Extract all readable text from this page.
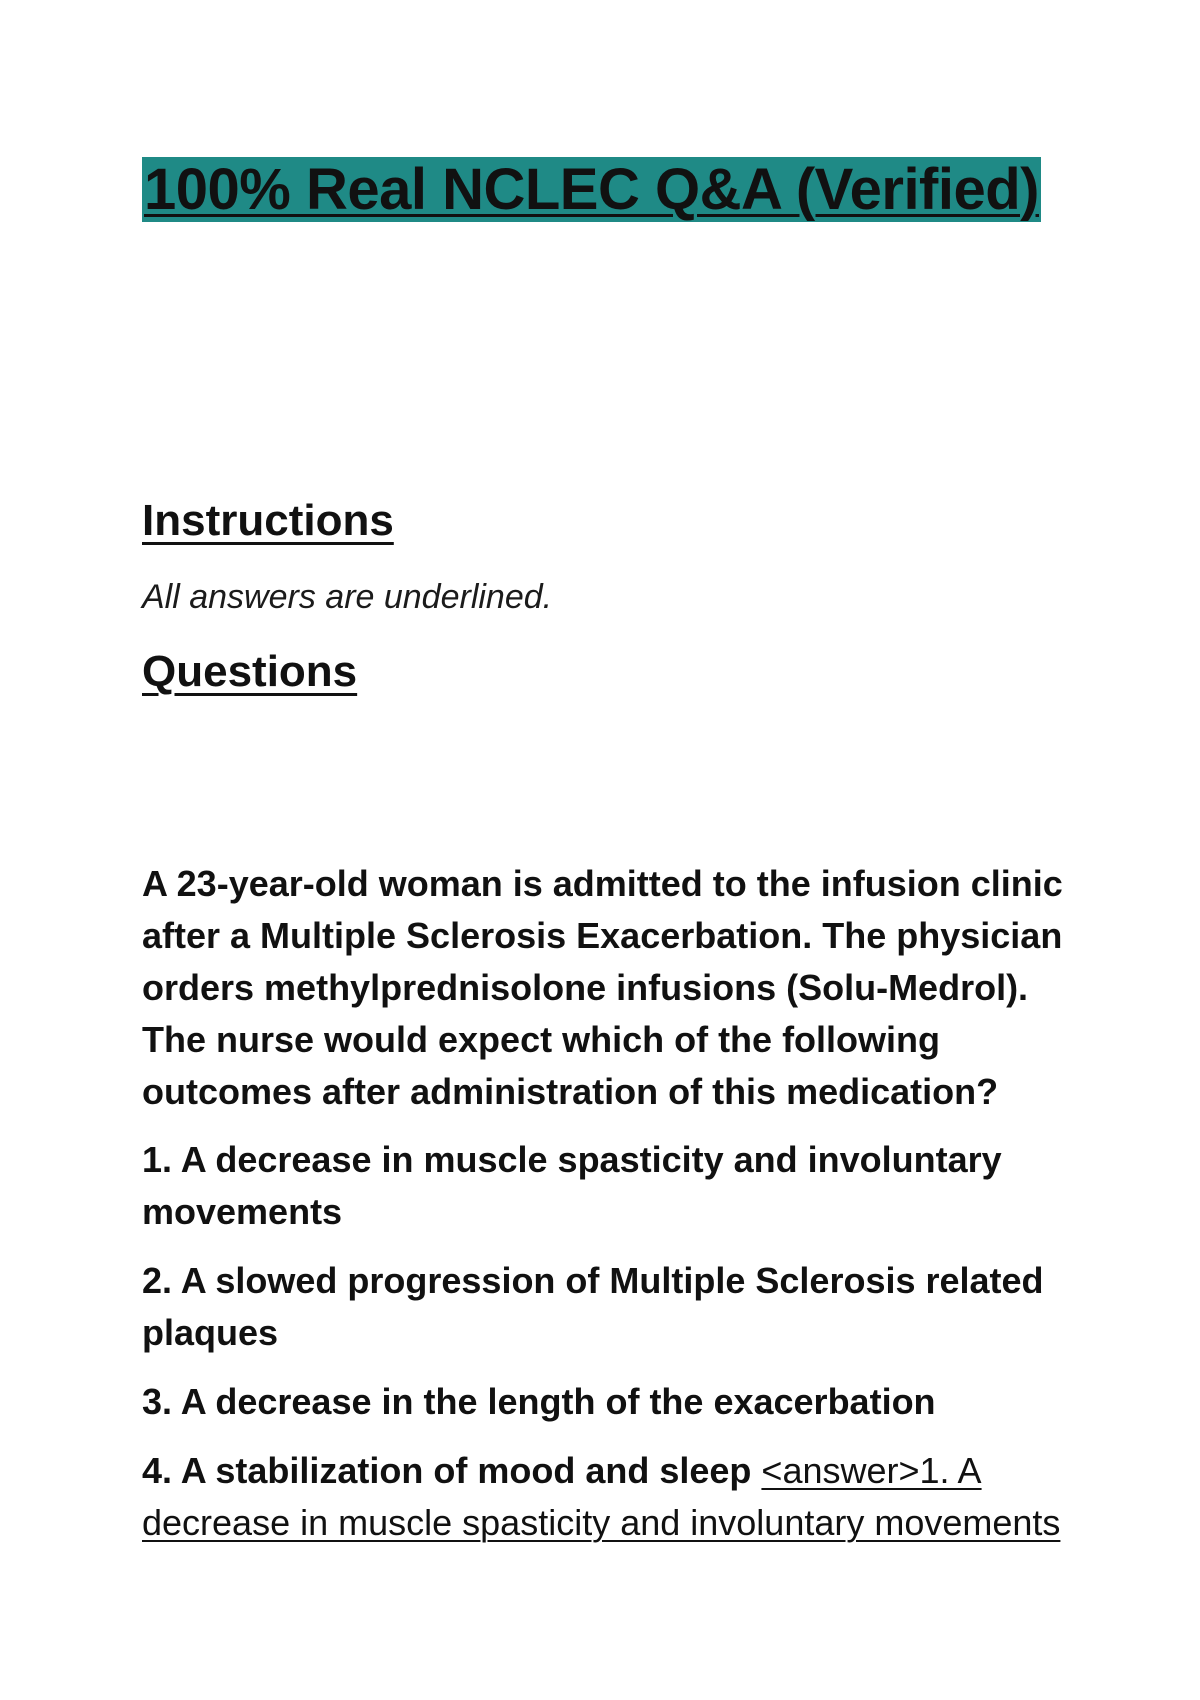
100% Real NCLEC Q&A (Verified)
Instructions

All answers are underlined.

Questions

A 23-year-old woman is admitted to the infusion clinic after a Multiple Sclerosis Exacerbation. The physician orders methylprednisolone infusions (Solu-Medrol). The nurse would expect which of the following outcomes after administration of this medication?

1. A decrease in muscle spasticity and involuntary movements

2. A slowed progression of Multiple Sclerosis related plaques

3. A decrease in the length of the exacerbation

4. A stabilization of mood and sleep <answer>1. A decrease in muscle spasticity and involuntary movements
